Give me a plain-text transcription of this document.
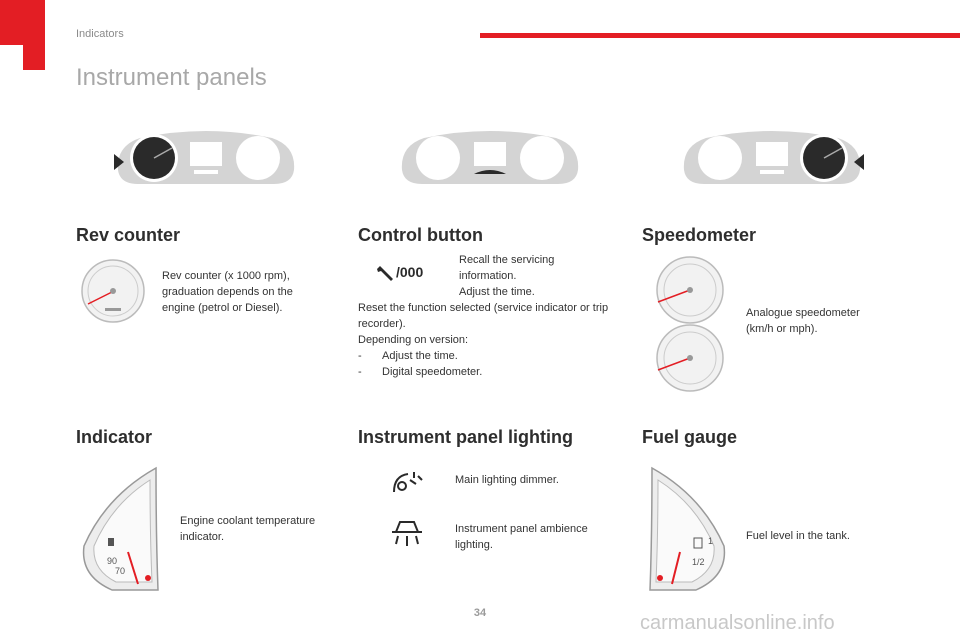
Indicators
Instrument panels
Rev counter
Rev counter (x 1000 rpm), graduation depends on the engine (petrol or Diesel).
Control button
/000
Recall the servicing information.
Adjust the time.
Reset the function selected (service indicator or trip recorder).
Depending on version:
- Adjust the time.
- Digital speedometer.
Speedometer
Analogue speedometer (km/h or mph).
Indicator
90
70
Engine coolant temperature indicator.
Instrument panel lighting
Main lighting dimmer.
Instrument panel ambience lighting.
Fuel gauge
1
1/2
Fuel level in the tank.
34	carmanualsonline.info
